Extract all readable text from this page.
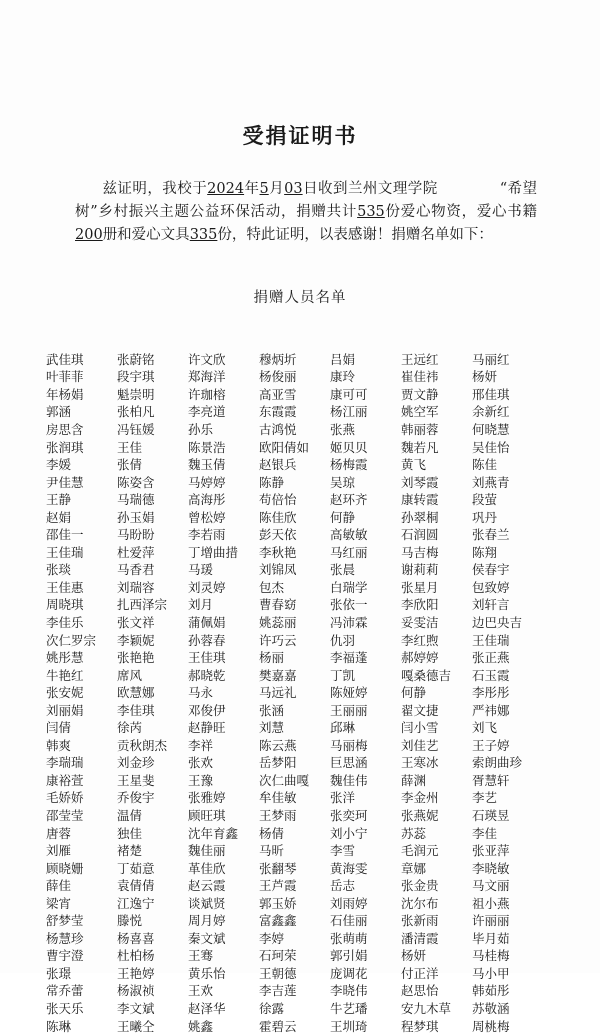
受捐证明书
兹证明，我校于2024年5月03日收到兰州文理学院	“希望树”乡村振兴主题公益环保活动，捐赠共计535份爱心物资，爱心书籍200册和爱心文具335份，特此证明，以表感谢！捐赠名单如下：
捐赠人员名单
武佳琪	张蔚铭	许文欣	穆炳圻	吕娟	王远红	马丽红
叶菲菲	段宇琪	郑海洋	杨俊丽	康玲	崔佳祎	杨妍
年杨娟	魁崇明	许珈榕	高亚雪	康可可	贾文静	邢佳琪
郭涵	张柏凡	李亮道	东霞霞	杨江丽	姚空军	余新红
房思含	冯钰媛	孙乐	古鸿悦	张燕	韩丽蓉	何晓慧
张润琪	王佳	陈景浩	欧阳倩如	姬贝贝	魏若凡	吴佳怡
李媛	张倩	魏玉倩	赵银兵	杨梅霞	黄飞	陈佳
尹佳慧	陈姿含	马婷婷	陈静	吴琼	刘琴霞	刘燕青
王静	马瑞德	高海彤	苟倍怡	赵环齐	康转霞	段萤
赵娟	孙玉娟	曾松婷	陈佳欣	何静	孙翠桐	巩丹
邵佳一	马盼盼	李若雨	彭天依	高敏敏	石润圆	张春兰
王佳瑞	杜爱萍	丁增曲措	李秋艳	马红丽	马吉梅	陈翔
张琰	马香君	马瑗	刘锦凤	张晨	谢莉莉	侯春宇
王佳惠	刘瑞容	刘灵婷	包杰	白瑞学	张星月	包致婷
周晓琪	扎西泽宗	刘月	曹春窈	张依一	李欣阳	刘轩言
李佳乐	张文祥	蒲佩娟	姚蕊丽	冯沛霖	妥雯洁	边巴央吉
次仁罗宗	李颖妮	孙蓉春	许巧云	仇羽	李红煦	王佳瑞
姚彤慧	张艳艳	王佳琪	杨丽	李福蓬	郝婷婷	张正燕
牛艳红	席风	郝晓乾	樊嘉嘉	丁凯	嘎桑德吉	石玉霞
张安妮	欧慧娜	马永	马远礼	陈娅婷	何静	李彤彤
刘丽娟	李佳琪	邓俊伊	张涵	王丽丽	翟文捷	严祎娜
闫倩	徐芮	赵静旺	刘慧	邱琳	闫小雪	刘飞
韩爽	贡秋朗杰	李祥	陈云燕	马丽梅	刘佳艺	王子婷
李瑞瑞	刘金珍	张欢	岳梦阳	巨思涵	王寒冰	索朗曲珍
康裕萱	王星斐	王豫	次仁曲嘎	魏佳伟	薛渊	胥慧轩
毛娇娇	乔俊宇	张雅婷	牟佳敏	张洋	李金州	李艺
邵莹莹	温倩	顾旺琪	王梦雨	张奕珂	张燕妮	石瑛昱
唐蓉	独佳	沈年育鑫	杨倩	刘小宁	苏蕊	李佳
刘雁	褚楚	魏佳丽	马昕	李雪	毛润元	张亚萍
顾晓姗	丁茹意	革佳欣	张翻琴	黄海雯	章娜	李晓敏
薛佳	袁倩倩	赵云霞	王芦霞	岳志	张金贵	马文丽
梁宵	江逸宁	谈斌贤	郭玉娇	刘雨婷	沈尔布	祖小燕
舒梦莹	滕悦	周月婷	富鑫鑫	石佳丽	张新雨	许丽丽
杨慧珍	杨喜喜	秦文斌	李婷	张萌萌	潘清霞	毕月茹
曹宇澄	杜柏杨	王骞	石珂荣	郭引娟	杨妍	马桂梅
张璟	王艳婷	黄乐怡	王朝德	庞调花	付正洋	马小甲
常乔蕾	杨淑祯	王欢	李吉莲	李晓伟	赵思怡	韩茹彤
张天乐	李文斌	赵泽华	徐露	牛艺璠	安九木草	苏敬涵
陈琳	王曦仝	姚鑫	霍碧云	王圳琦	程梦琪	周桃梅
